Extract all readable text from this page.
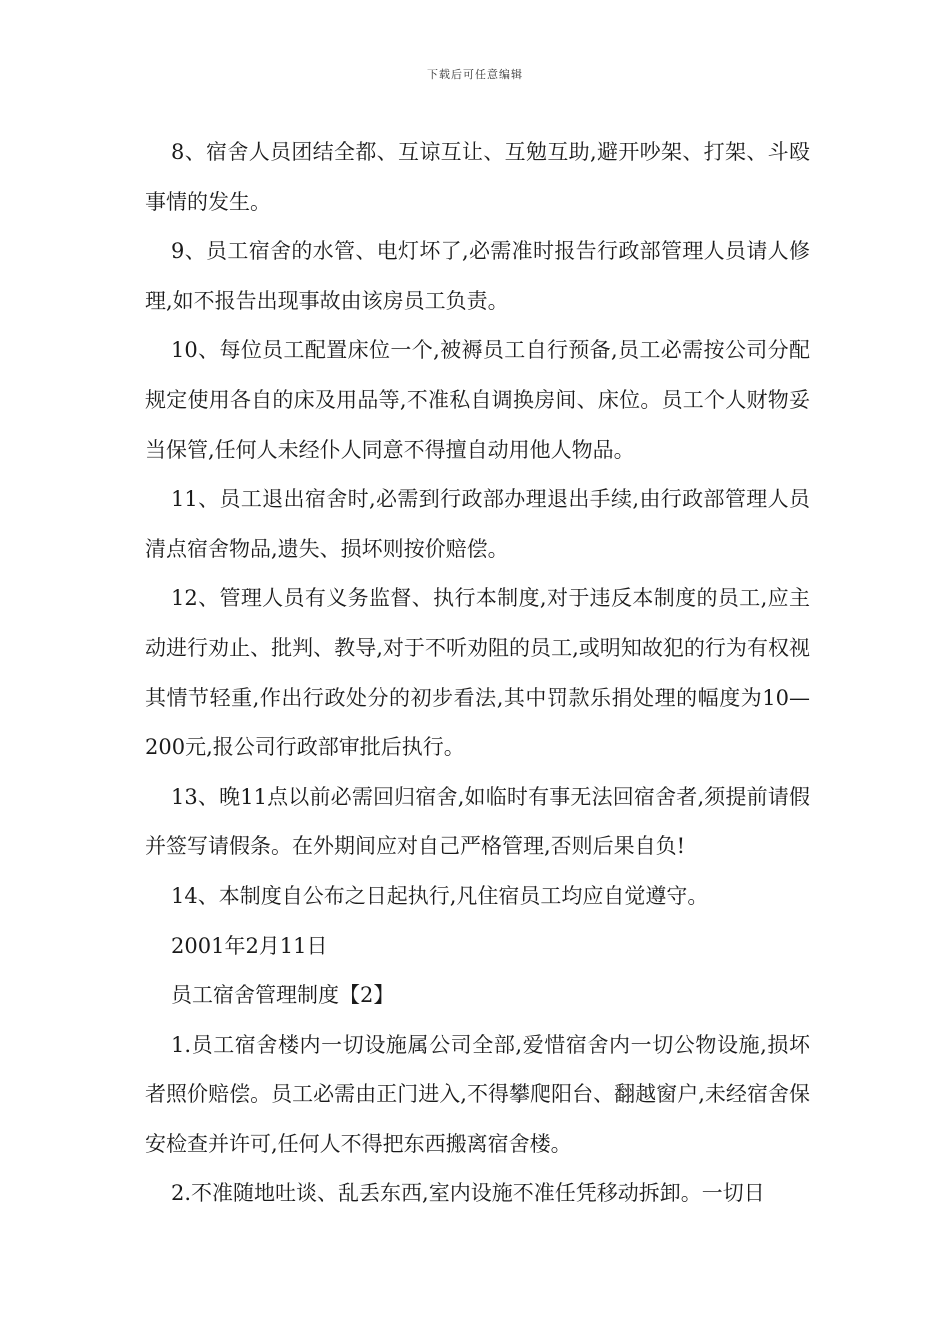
下载后可任意编辑

8、宿舍人员团结全都、互谅互让、互勉互助,避开吵架、打架、斗殴事情的发生。

9、员工宿舍的水管、电灯坏了,必需准时报告行政部管理人员请人修理,如不报告出现事故由该房员工负责。

10、每位员工配置床位一个,被褥员工自行预备,员工必需按公司分配规定使用各自的床及用品等,不准私自调换房间、床位。员工个人财物妥当保管,任何人未经仆人同意不得擅自动用他人物品。

11、员工退出宿舍时,必需到行政部办理退出手续,由行政部管理人员清点宿舍物品,遗失、损坏则按价赔偿。

12、管理人员有义务监督、执行本制度,对于违反本制度的员工,应主动进行劝止、批判、教导,对于不听劝阻的员工,或明知故犯的行为有权视其情节轻重,作出行政处分的初步看法,其中罚款乐捐处理的幅度为10—200元,报公司行政部审批后执行。

13、晚11点以前必需回归宿舍,如临时有事无法回宿舍者,须提前请假并签写请假条。在外期间应对自己严格管理,否则后果自负!

14、本制度自公布之日起执行,凡住宿员工均应自觉遵守。

2001年2月11日

员工宿舍管理制度【2】

1.员工宿舍楼内一切设施属公司全部,爱惜宿舍内一切公物设施,损坏者照价赔偿。员工必需由正门进入,不得攀爬阳台、翻越窗户,未经宿舍保安检查并许可,任何人不得把东西搬离宿舍楼。

2.不准随地吐谈、乱丢东西,室内设施不准任凭移动拆卸。一切日
